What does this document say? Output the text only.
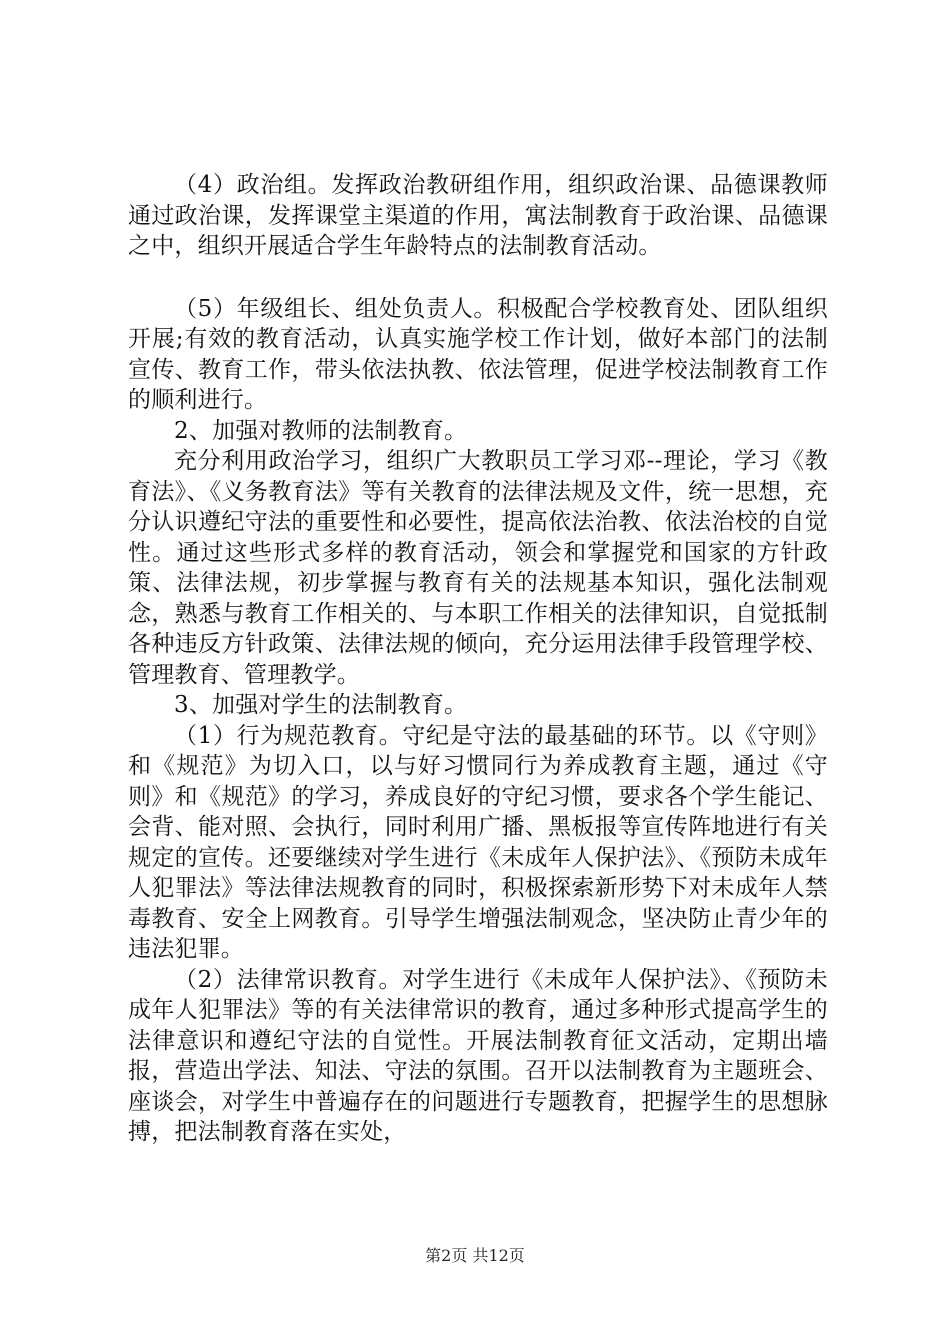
（4）政治组。发挥政治教研组作用，组织政治课、品德课教师通过政治课，发挥课堂主渠道的作用，寓法制教育于政治课、品德课之中，组织开展适合学生年龄特点的法制教育活动。

（5）年级组长、组处负责人。积极配合学校教育处、团队组织开展;有效的教育活动，认真实施学校工作计划，做好本部门的法制宣传、教育工作，带头依法执教、依法管理，促进学校法制教育工作的顺利进行。

2、加强对教师的法制教育。

充分利用政治学习，组织广大教职员工学习邓--理论，学习《教育法》、《义务教育法》等有关教育的法律法规及文件，统一思想，充分认识遵纪守法的重要性和必要性，提高依法治教、依法治校的自觉性。通过这些形式多样的教育活动，领会和掌握党和国家的方针政策、法律法规，初步掌握与教育有关的法规基本知识，强化法制观念，熟悉与教育工作相关的、与本职工作相关的法律知识，自觉抵制各种违反方针政策、法律法规的倾向，充分运用法律手段管理学校、管理教育、管理教学。

3、加强对学生的法制教育。

（1）行为规范教育。守纪是守法的最基础的环节。以《守则》和《规范》为切入口，以与好习惯同行为养成教育主题，通过《守则》和《规范》的学习，养成良好的守纪习惯，要求各个学生能记、会背、能对照、会执行，同时利用广播、黑板报等宣传阵地进行有关规定的宣传。还要继续对学生进行《未成年人保护法》、《预防未成年人犯罪法》等法律法规教育的同时，积极探索新形势下对未成年人禁毒教育、安全上网教育。引导学生增强法制观念，坚决防止青少年的违法犯罪。

（2）法律常识教育。对学生进行《未成年人保护法》、《预防未成年人犯罪法》等的有关法律常识的教育，通过多种形式提高学生的法律意识和遵纪守法的自觉性。开展法制教育征文活动，定期出墙报，营造出学法、知法、守法的氛围。召开以法制教育为主题班会、座谈会，对学生中普遍存在的问题进行专题教育，把握学生的思想脉搏，把法制教育落在实处，

第2页 共12页
